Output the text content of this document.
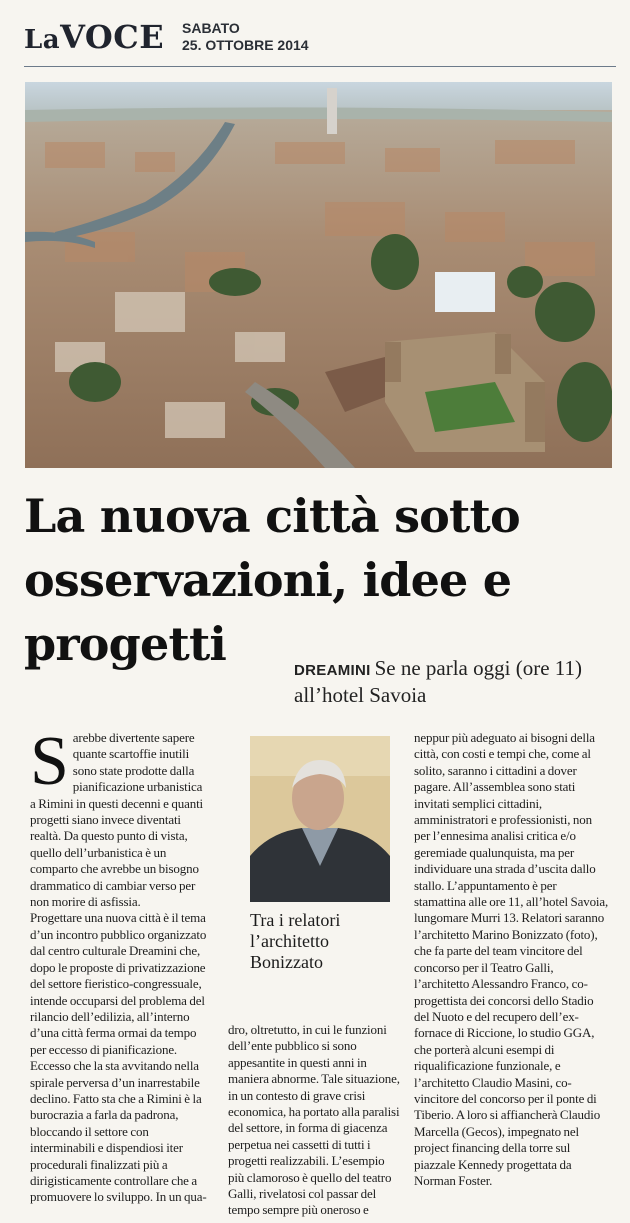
LaVOCE SABATO
25. OTTOBRE 2014
La nuova città sotto
osservazioni, idee e
progetti	DREAMINI Se ne parla oggi (ore 11) all’hotel Savoia
S arebbe divertente sapere quante scartoffie inutili sono state prodotte dalla pianificazione urbanistica a Rimini in questi decenni e quanti progetti siano invece diventati realtà. Da questo punto di vista, quello dell’urbanistica è un comparto che avrebbe un bisogno drammatico di cambiar verso per non morire di asfissia.

Progettare una nuova città è il tema d’un incontro pubblico organizzato dal centro culturale Dreamini che, dopo le proposte di privatizzazione del settore fieristico-congressuale, intende occuparsi del problema del rilancio dell’edilizia, all’interno d’una città ferma ormai da tempo per eccesso di pianificazione. Eccesso che la sta avvitando nella spirale perversa d’un inarrestabile declino. Fatto sta che a Rimini è la burocrazia a farla da padrona, bloccando il settore con interminabili e dispendiosi iter procedurali finalizzati più a dirigisticamente controllare che a promuovere lo sviluppo. In un qua-

Tra i relatori l’architetto Bonizzato

dro, oltretutto, in cui le funzioni dell’ente pubblico si sono appesantite in questi anni in maniera abnorme. Tale situazione, in un contesto di grave crisi economica, ha portato alla paralisi del settore, in forma di giacenza perpetua nei cassetti di tutti i progetti realizzabili. L’esempio più clamoroso è quello del teatro Galli, rivelatosi col passar del tempo sempre più oneroso e

neppur più adeguato ai bisogni della città, con costi e tempi che, come al solito, saranno i cittadini a dover pagare. All’assemblea sono stati invitati semplici cittadini, amministratori e professionisti, non per l’ennesima analisi critica e/o geremiade qualunquista, ma per individuare una strada d’uscita dallo stallo. L’appuntamento è per stamattina alle ore 11, all’hotel Savoia, lungomare Murri 13. Relatori saranno l’architetto Marino Bonizzato (foto), che fa parte del team vincitore del concorso per il Teatro Galli, l’architetto Alessandro Franco, co-progettista dei concorsi dello Stadio del Nuoto e del recupero dell’ex-fornace di Riccione, lo studio GGA, che porterà alcuni esempi di riqualificazione funzionale, e l’architetto Claudio Masini, co-vincitore del concorso per il ponte di Tiberio. A loro si affiancherà Claudio Marcella (Gecos), impegnato nel project financing della torre sul piazzale Kennedy progettata da Norman Foster.
